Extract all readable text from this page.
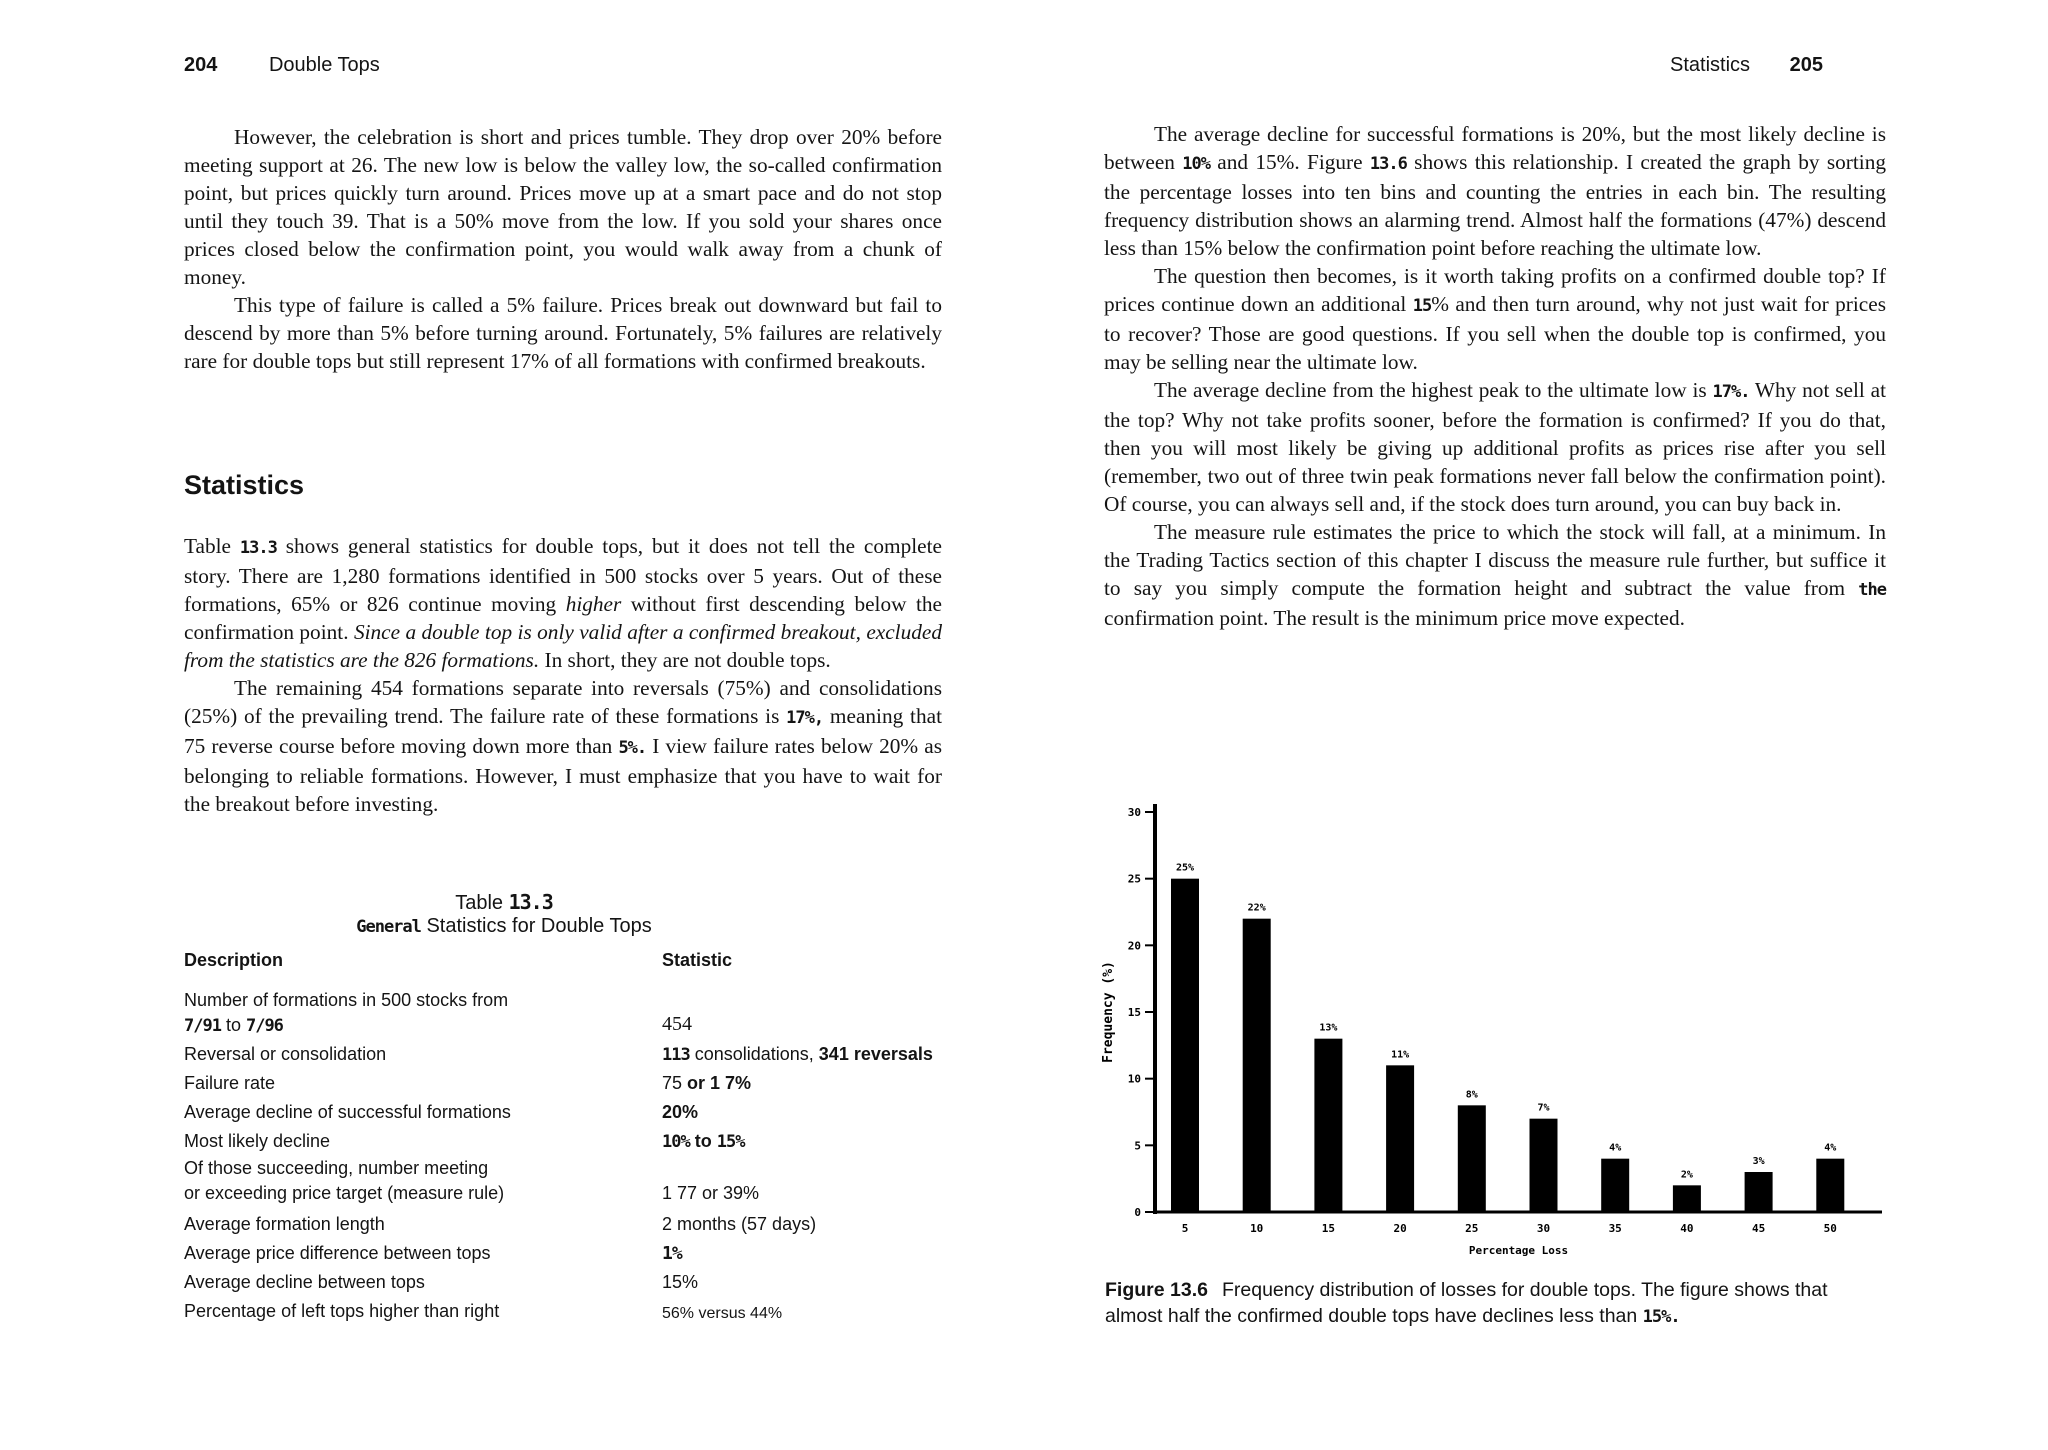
204	Double Tops

However, the celebration is short and prices tumble. They drop over 20% before meeting support at 26. The new low is below the valley low, the so-called confirmation point, but prices quickly turn around. Prices move up at a smart pace and do not stop until they touch 39. That is a 50% move from the low. If you sold your shares once prices closed below the confirmation point, you would walk away from a chunk of money.

This type of failure is called a 5% failure. Prices break out downward but fail to descend by more than 5% before turning around. Fortunately, 5% failures are relatively rare for double tops but still represent 17% of all formations with confirmed breakouts.

Statistics

Table 13.3 shows general statistics for double tops, but it does not tell the complete story. There are 1,280 formations identified in 500 stocks over 5 years. Out of these formations, 65% or 826 continue moving higher without first descending below the confirmation point. Since a double top is only valid after a confirmed breakout, excluded from the statistics are the 826 formations. In short, they are not double tops.

The remaining 454 formations separate into reversals (75%) and consolidations (25%) of the prevailing trend. The failure rate of these formations is 17%, meaning that 75 reverse course before moving down more than 5%. I view failure rates below 20% as belonging to reliable formations. However, I must emphasize that you have to wait for the breakout before investing.

Table 13.3
General Statistics for Double Tops
Description	Statistic
Number of formations in 500 stocks from
7/91 to 7/96	454
Reversal or consolidation	113 consolidations, 341 reversals
Failure rate	75 or 1 7%
Average decline of successful formations	20%
Most likely decline	10% to 15%
Of those succeeding, number meeting
or exceeding price target (measure rule)	1 77 or 39%
Average formation length	2 months (57 days)
Average price difference between tops	1%
Average decline between tops	15%
Percentage of left tops higher than right	56% versus 44%
Statistics 205

The average decline for successful formations is 20%, but the most likely decline is between 10% and 15%. Figure 13.6 shows this relationship. I created the graph by sorting the percentage losses into ten bins and counting the entries in each bin. The resulting frequency distribution shows an alarming trend. Almost half the formations (47%) descend less than 15% below the confirmation point before reaching the ultimate low.

The question then becomes, is it worth taking profits on a confirmed double top? If prices continue down an additional 15% and then turn around, why not just wait for prices to recover? Those are good questions. If you sell when the double top is confirmed, you may be selling near the ultimate low.

The average decline from the highest peak to the ultimate low is 17%. Why not sell at the top? Why not take profits sooner, before the formation is confirmed? If you do that, then you will most likely be giving up additional profits as prices rise after you sell (remember, two out of three twin peak formations never fall below the confirmation point). Of course, you can always sell and, if the stock does turn around, you can buy back in.

The measure rule estimates the price to which the stock will fall, at a minimum. In the Trading Tactics section of this chapter I discuss the measure rule further, but suffice it to say you simply compute the formation height and subtract the value from the confirmation point. The result is the minimum price move expected.

Figure 13.6 Frequency distribution of losses for double tops. The figure shows that almost half the confirmed double tops have declines less than 15%.

Frequency (%)
Percentage Loss
30
25
20
15
10
5
0
25%
5
22%
10
13%
15
11%
20
8%
25
7%
30
4%
35
2%
40
3%
45
4%
50
